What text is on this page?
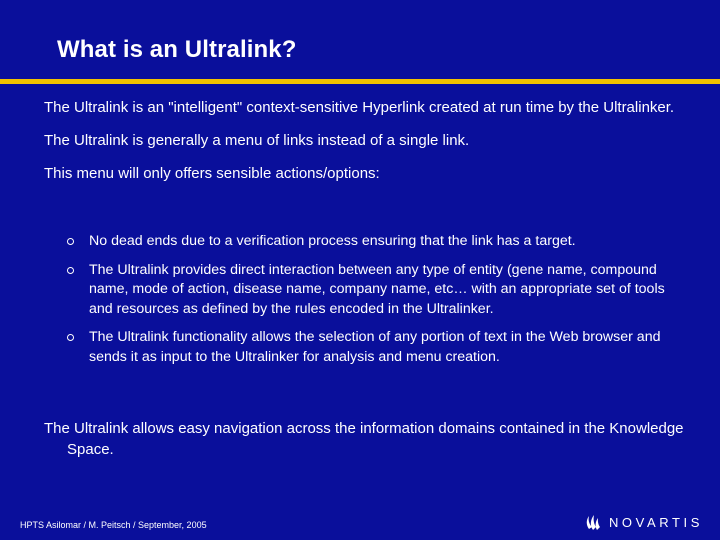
What is an Ultralink?

The Ultralink is an "intelligent" context-sensitive Hyperlink created at run time by the Ultralinker.

The Ultralink is generally a menu of links instead of a single link.

This menu will only offers sensible actions/options:

No dead ends due to a verification process ensuring that the link has a target.
The Ultralink provides direct interaction between any type of entity (gene name, compound name, mode of action, disease name, company name, etc… with an appropriate set of tools and resources as defined by the rules encoded in the Ultralinker.
The Ultralink functionality allows the selection of any portion of text in the Web browser and sends it as input to the Ultralinker for analysis and menu creation.

The Ultralink allows easy navigation across the information domains contained in the Knowledge Space.

HPTS Asilomar / M. Peitsch / September, 2005	NOVARTIS
